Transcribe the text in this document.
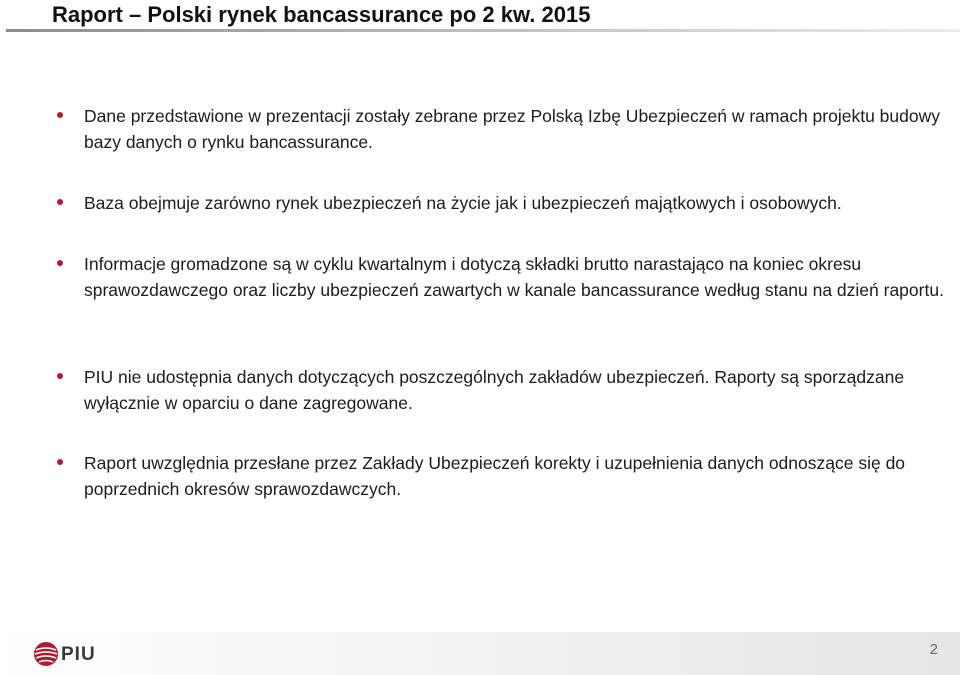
Raport – Polski rynek bancassurance po 2 kw. 2015
Dane przedstawione w prezentacji zostały zebrane przez Polską Izbę Ubezpieczeń w ramach projektu budowy bazy danych o rynku bancassurance.
Baza obejmuje zarówno rynek ubezpieczeń na życie jak i ubezpieczeń majątkowych i osobowych.
Informacje gromadzone są w cyklu kwartalnym i dotyczą składki brutto narastająco na koniec okresu sprawozdawczego oraz liczby ubezpieczeń zawartych w kanale bancassurance według stanu na dzień raportu.
PIU nie udostępnia danych dotyczących poszczególnych zakładów ubezpieczeń. Raporty są sporządzane wyłącznie w oparciu o dane zagregowane.
Raport uwzględnia przesłane przez Zakłady Ubezpieczeń korekty i uzupełnienia danych odnoszące się do poprzednich okresów sprawozdawczych.
PIU	2
